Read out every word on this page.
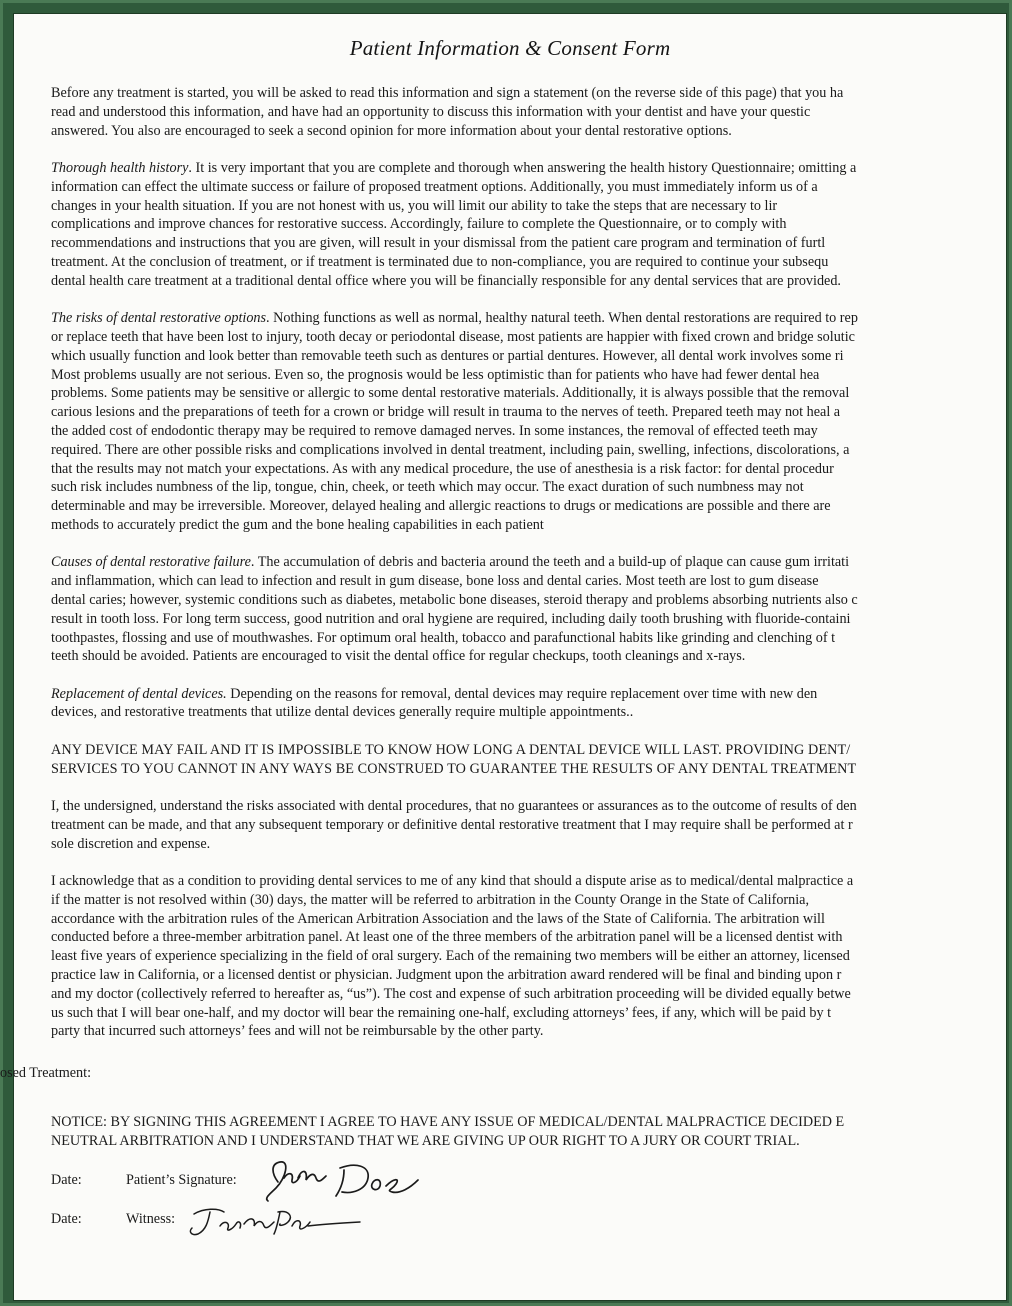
Patient Information & Consent Form
Before any treatment is started, you will be asked to read this information and sign a statement (on the reverse side of this page) that you ha
read and understood this information, and have had an opportunity to discuss this information with your dentist and have your questic
answered. You also are encouraged to seek a second opinion for more information about your dental restorative options.
Thorough health history. It is very important that you are complete and thorough when answering the health history Questionnaire; omitting a
information can effect the ultimate success or failure of proposed treatment options. Additionally, you must immediately inform us of a
changes in your health situation. If you are not honest with us, you will limit our ability to take the steps that are necessary to lir
complications and improve chances for restorative success. Accordingly, failure to complete the Questionnaire, or to comply with
recommendations and instructions that you are given, will result in your dismissal from the patient care program and termination of furtl
treatment. At the conclusion of treatment, or if treatment is terminated due to non-compliance, you are required to continue your subsequ
dental health care treatment at a traditional dental office where you will be financially responsible for any dental services that are provided.
The risks of dental restorative options. Nothing functions as well as normal, healthy natural teeth. When dental restorations are required to rep
or replace teeth that have been lost to injury, tooth decay or periodontal disease, most patients are happier with fixed crown and bridge solutic
which usually function and look better than removable teeth such as dentures or partial dentures. However, all dental work involves some ri
Most problems usually are not serious. Even so, the prognosis would be less optimistic than for patients who have had fewer dental hea
problems. Some patients may be sensitive or allergic to some dental restorative materials. Additionally, it is always possible that the removal
carious lesions and the preparations of teeth for a crown or bridge will result in trauma to the nerves of teeth. Prepared teeth may not heal a
the added cost of endodontic therapy may be required to remove damaged nerves. In some instances, the removal of effected teeth may
required. There are other possible risks and complications involved in dental treatment, including pain, swelling, infections, discolorations, a
that the results may not match your expectations. As with any medical procedure, the use of anesthesia is a risk factor: for dental procedur
such risk includes numbness of the lip, tongue, chin, cheek, or teeth which may occur. The exact duration of such numbness may not
determinable and may be irreversible. Moreover, delayed healing and allergic reactions to drugs or medications are possible and there are
methods to accurately predict the gum and the bone healing capabilities in each patient
Causes of dental restorative failure. The accumulation of debris and bacteria around the teeth and a build-up of plaque can cause gum irritati
and inflammation, which can lead to infection and result in gum disease, bone loss and dental caries. Most teeth are lost to gum disease
dental caries; however, systemic conditions such as diabetes, metabolic bone diseases, steroid therapy and problems absorbing nutrients also c
result in tooth loss. For long term success, good nutrition and oral hygiene are required, including daily tooth brushing with fluoride-containi
toothpastes, flossing and use of mouthwashes. For optimum oral health, tobacco and parafunctional habits like grinding and clenching of t
teeth should be avoided. Patients are encouraged to visit the dental office for regular checkups, tooth cleanings and x-rays.
Replacement of dental devices. Depending on the reasons for removal, dental devices may require replacement over time with new den
devices, and restorative treatments that utilize dental devices generally require multiple appointments..
ANY DEVICE MAY FAIL AND IT IS IMPOSSIBLE TO KNOW HOW LONG A DENTAL DEVICE WILL LAST. PROVIDING DENT/
SERVICES TO YOU CANNOT IN ANY WAYS BE CONSTRUED TO GUARANTEE THE RESULTS OF ANY DENTAL TREATMENT
I, the undersigned, understand the risks associated with dental procedures, that no guarantees or assurances as to the outcome of results of den
treatment can be made, and that any subsequent temporary or definitive dental restorative treatment that I may require shall be performed at r
sole discretion and expense.
I acknowledge that as a condition to providing dental services to me of any kind that should a dispute arise as to medical/dental malpractice a
if the matter is not resolved within (30) days, the matter will be referred to arbitration in the County Orange in the State of California,
accordance with the arbitration rules of the American Arbitration Association and the laws of the State of California. The arbitration will
conducted before a three-member arbitration panel. At least one of the three members of the arbitration panel will be a licensed dentist with
least five years of experience specializing in the field of oral surgery. Each of the remaining two members will be either an attorney, licensed
practice law in California, or a licensed dentist or physician. Judgment upon the arbitration award rendered will be final and binding upon r
and my doctor (collectively referred to hereafter as, “us”). The cost and expense of such arbitration proceeding will be divided equally betwe
us such that I will bear one-half, and my doctor will bear the remaining one-half, excluding attorneys’ fees, if any, which will be paid by t
party that incurred such attorneys’ fees and will not be reimbursable by the other party.
osed Treatment:
NOTICE: BY SIGNING THIS AGREEMENT I AGREE TO HAVE ANY ISSUE OF MEDICAL/DENTAL MALPRACTICE DECIDED E
NEUTRAL ARBITRATION AND I UNDERSTAND THAT WE ARE GIVING UP OUR RIGHT TO A JURY OR COURT TRIAL.
Date:	Patient’s Signature:
Date:	Witness:
